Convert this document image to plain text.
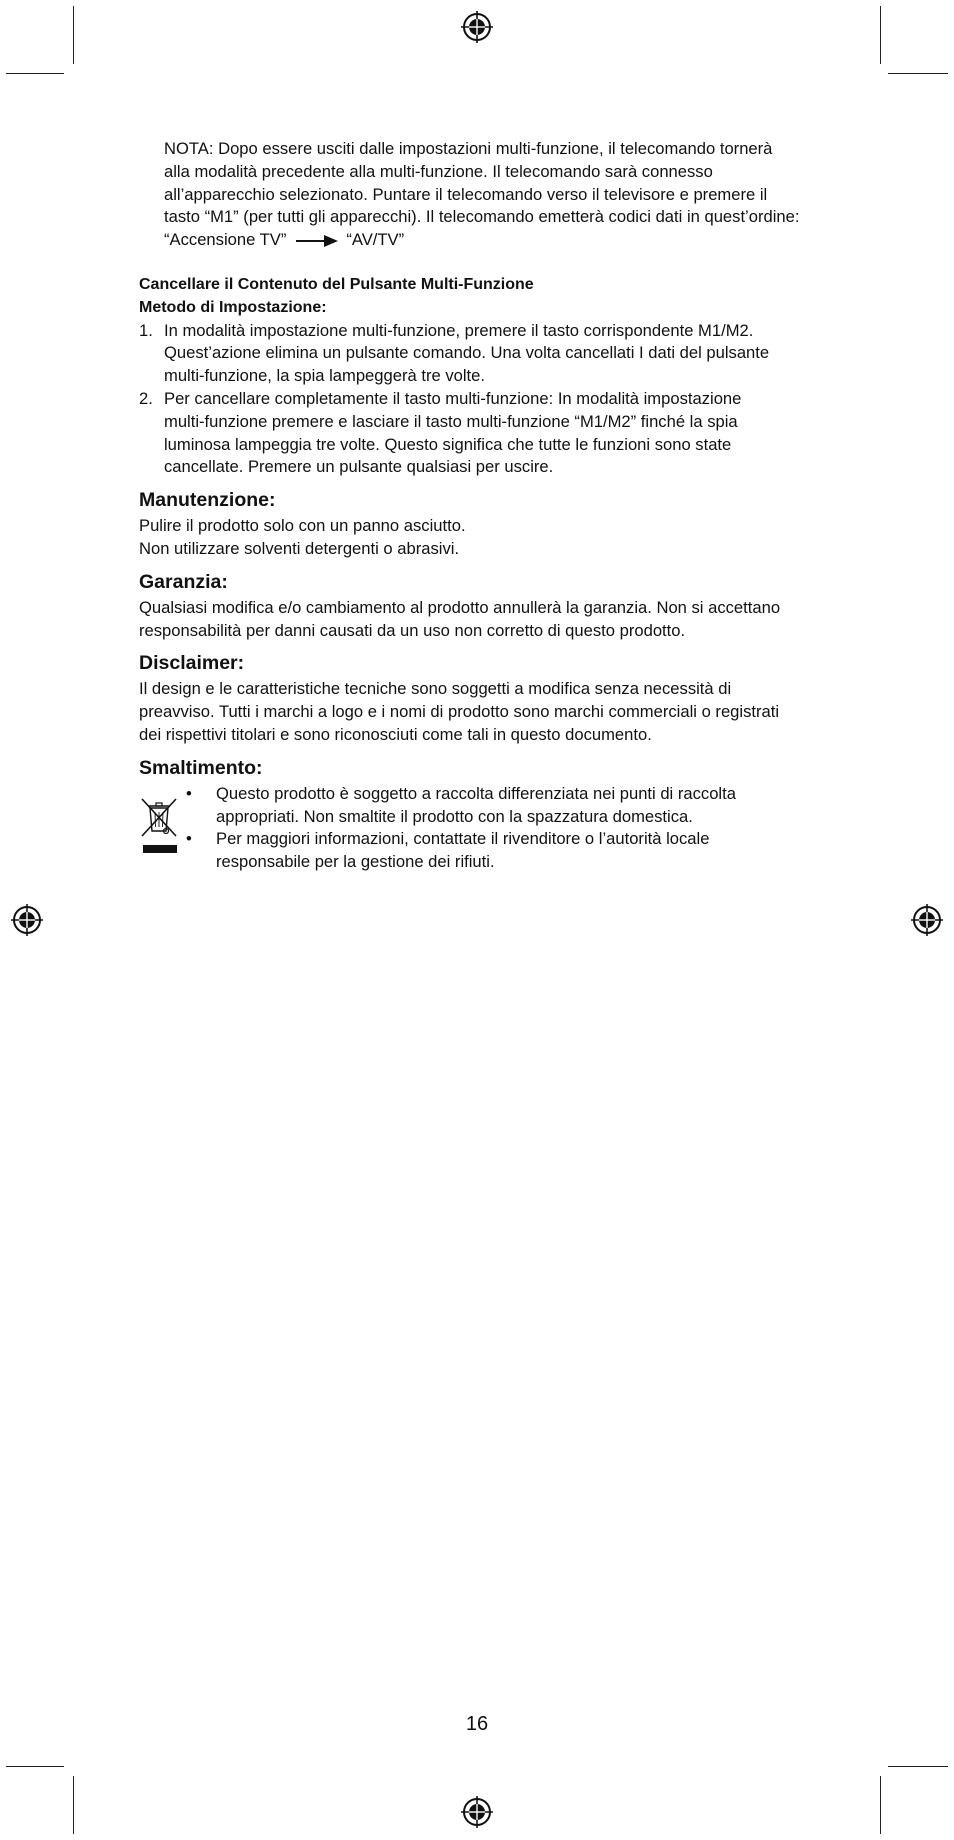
NOTA: Dopo essere usciti dalle impostazioni multi-funzione, il telecomando tornerà

alla modalità precedente alla multi-funzione. Il telecomando sarà connesso

all’apparecchio selezionato. Puntare il telecomando verso il televisore e premere il

tasto “M1” (per tutti gli apparecchi). Il telecomando emetterà codici dati in quest’ordine:

“Accensione TV”	“AV/TV”

Cancellare il Contenuto del Pulsante Multi-Funzione

Metodo di Impostazione:

1. In modalità impostazione multi-funzione, premere il tasto corrispondente M1/M2.
Quest’azione elimina un pulsante comando. Una volta cancellati I dati del pulsante
multi-funzione, la spia lampeggerà tre volte.
2. Per cancellare completamente il tasto multi-funzione: In modalità impostazione
multi-funzione premere e lasciare il tasto multi-funzione “M1/M2” finché la spia
luminosa lampeggia tre volte. Questo significa che tutte le funzioni sono state
cancellate. Premere un pulsante qualsiasi per uscire.
Manutenzione:

Pulire il prodotto solo con un panno asciutto.

Non utilizzare solventi detergenti o abrasivi.

Garanzia:

Qualsiasi modifica e/o cambiamento al prodotto annullerà la garanzia. Non si accettano

responsabilità per danni causati da un uso non corretto di questo prodotto.

Disclaimer:

Il design e le caratteristiche tecniche sono soggetti a modifica senza necessità di

preavviso. Tutti i marchi a logo e i nomi di prodotto sono marchi commerciali o registrati

dei rispettivi titolari e sono riconosciuti come tali in questo documento.

Smaltimento:
• Questo prodotto è soggetto a raccolta differenziata nei punti di raccolta
appropriati. Non smaltite il prodotto con la spazzatura domestica.
• Per maggiori informazioni, contattate il rivenditore o l’autorità locale
responsabile per la gestione dei rifiuti.
16
